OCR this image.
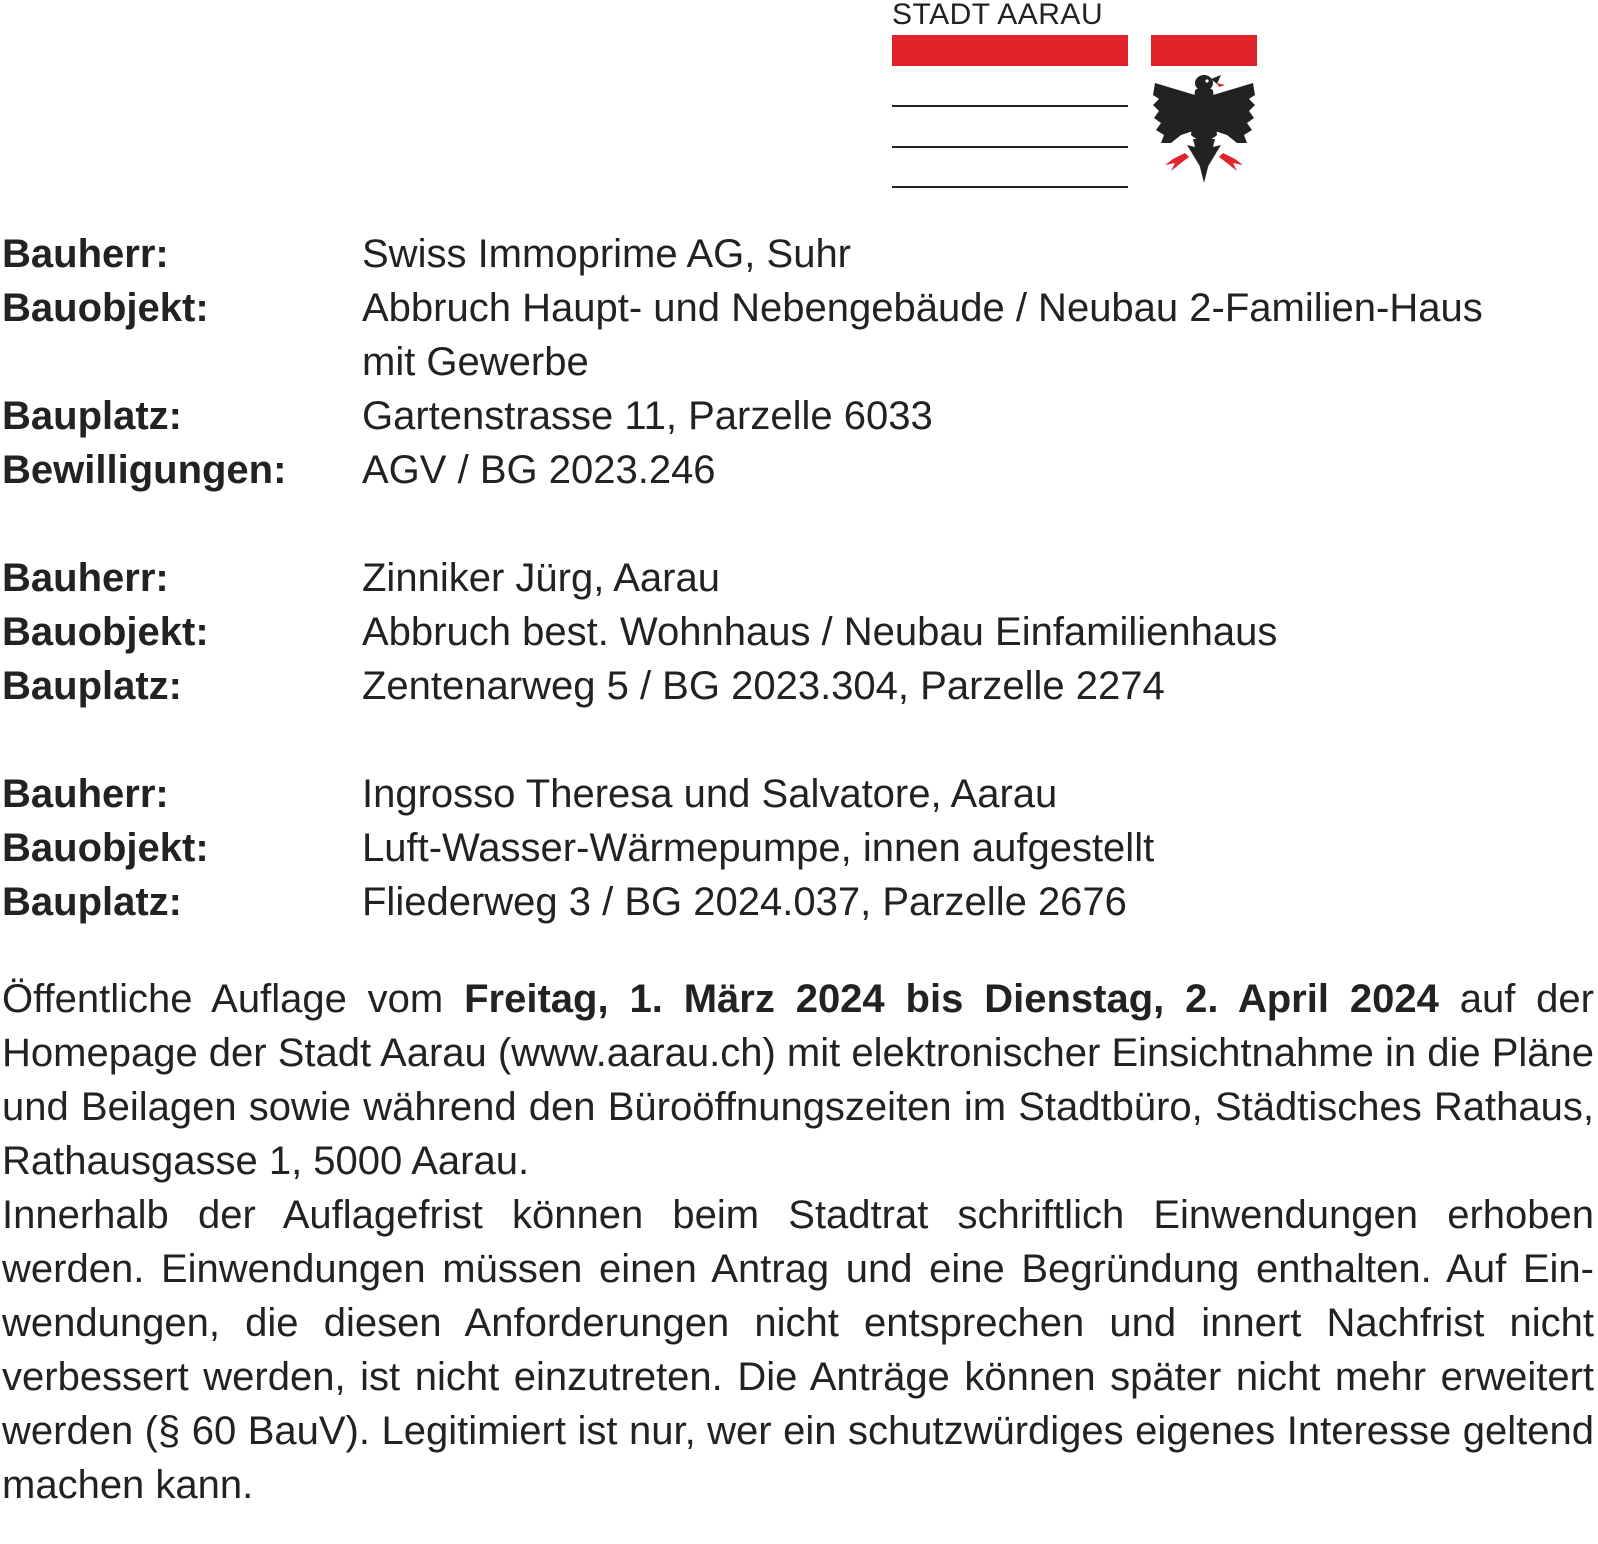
STADT AARAU
Bauherr:	Swiss Immoprime AG, Suhr
Bauobjekt:	Abbruch Haupt- und Nebengebäude / Neubau 2-Familien-Haus
mit Gewerbe
Bauplatz:	Gartenstrasse 11, Parzelle 6033
Bewilligungen:	AGV / BG 2023.246
Bauherr:	Zinniker Jürg, Aarau
Bauobjekt:	Abbruch best. Wohnhaus / Neubau Einfamilienhaus
Bauplatz:	Zentenarweg 5 / BG 2023.304, Parzelle 2274
Bauherr:	Ingrosso Theresa und Salvatore, Aarau
Bauobjekt:	Luft-Wasser-Wärmepumpe, innen aufgestellt
Bauplatz:	Fliederweg 3 / BG 2024.037, Parzelle 2676

Öffentliche Auflage vom Freitag, 1. März 2024 bis Dienstag, 2. April 2024 auf der Homepage der Stadt Aarau (www.aarau.ch) mit elektronischer Einsichtnahme in die Pläne und Beilagen sowie während den Büroöffnungszeiten im Stadtbüro, Städtisches Rathaus, Rathausgasse 1, 5000 Aarau.

Innerhalb der Auflagefrist können beim Stadtrat schriftlich Einwendungen erhoben werden. Einwendungen müssen einen Antrag und eine Begründung enthalten. Auf Einwendungen, die diesen Anforderungen nicht entsprechen und innert Nachfrist nicht verbessert werden, ist nicht einzutreten. Die Anträge können später nicht mehr erweitert werden (§ 60 BauV). Legitimiert ist nur, wer ein schutzwürdiges eigenes Interesse geltend machen kann.
